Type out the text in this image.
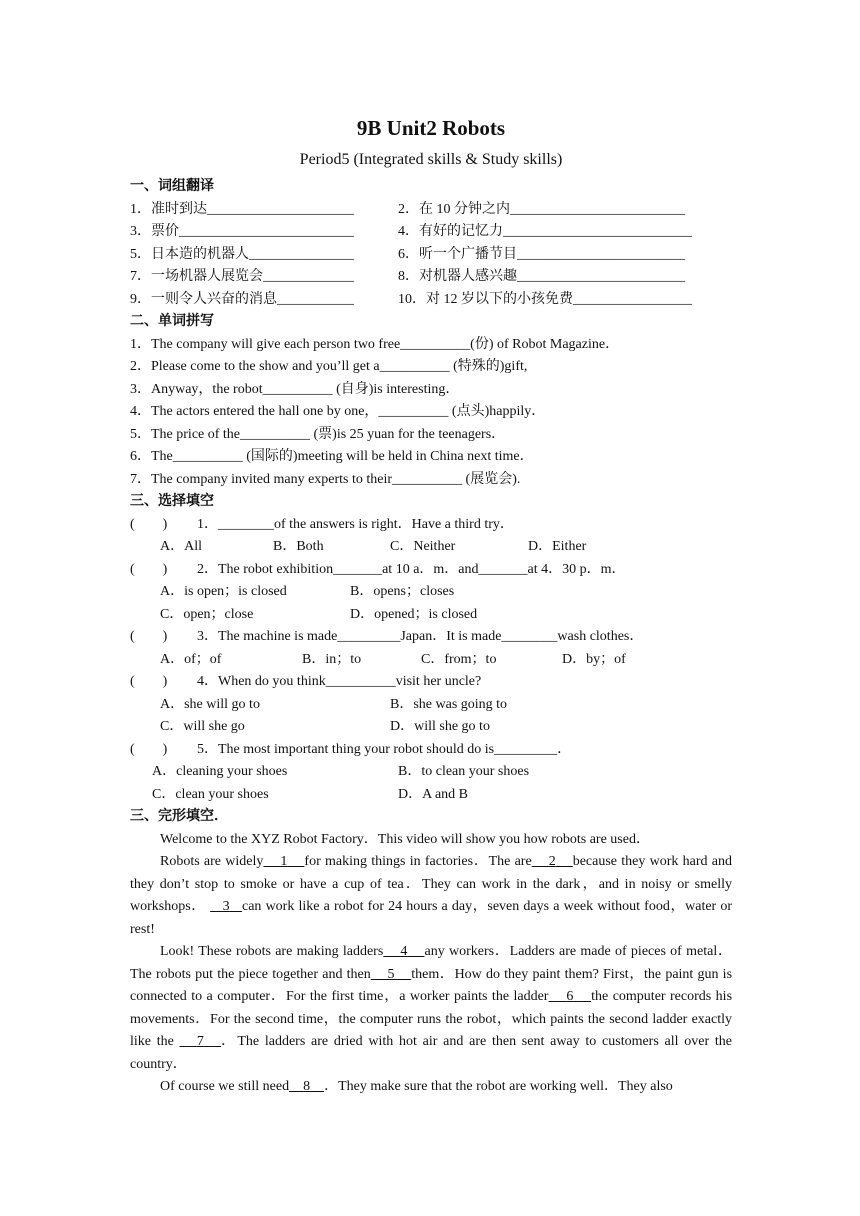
9B Unit2 Robots
Period5 (Integrated skills & Study skills)
一、词组翻译
1．准时到达_____________________	2．在 10 分钟之内_________________________
3．票价_________________________	4．有好的记忆力___________________________
5．日本造的机器人_______________	6．听一个广播节目________________________
7．一场机器人展览会_____________	8．对机器人感兴趣________________________
9．一则令人兴奋的消息___________	10．对 12 岁以下的小孩免费_________________
二、单词拼写
1．The company will give each person two free__________(份) of Robot Magazine．
2．Please come to the show and you’ll get a__________ (特殊的)gift,
3．Anyway，the robot__________ (自身)is interesting．
4．The actors entered the hall one by one，__________ (点头)happily．
5．The price of the__________ (票)is 25 yuan for the teenagers．
6．The__________ (国际的)meeting will be held in China next time．
7．The company invited many experts to their__________ (展览会).
三、选择填空
(　　)	1．________of the answers is right．Have a third try．
A．All	B．Both	C．Neither	D．Either
(　　)	2．The robot exhibition_______at 10 a．m．and_______at 4．30 p．m．
A．is open；is closed	B．opens；closes
C．open；close	D．opened；is closed
(　　)	3．The machine is made_________Japan．It is made________wash clothes．
A．of；of	B．in；to	C．from；to	D．by；of
(　　)	4．When do you think__________visit her uncle?
A．she will go to	B．she was going to
C．will she go	D．will she go to
(　　)	5．The most important thing your robot should do is_________．
A．cleaning your shoes	B．to clean your shoes
C．clean your shoes	D．A and B
三、完形填空．

Welcome to the XYZ Robot Factory．This video will show you how robots are used．

Robots are widely 1 for making things in factories．The are 2 because they work hard and they don’t stop to smoke or have a cup of tea．They can work in the dark，and in noisy or smelly workshops． 3 can work like a robot for 24 hours a day，seven days a week without food，water or rest!

Look! These robots are making ladders 4 any workers．Ladders are made of pieces of metal．The robots put the piece together and then 5 them．How do they paint them? First，the paint gun is connected to a computer．For the first time，a worker paints the ladder 6 the computer records his movements．For the second time，the computer runs the robot，which paints the second ladder exactly like the 7 ．The ladders are dried with hot air and are then sent away to customers all over the country．

Of course we still need 8 ．They make sure that the robot are working well．They also
